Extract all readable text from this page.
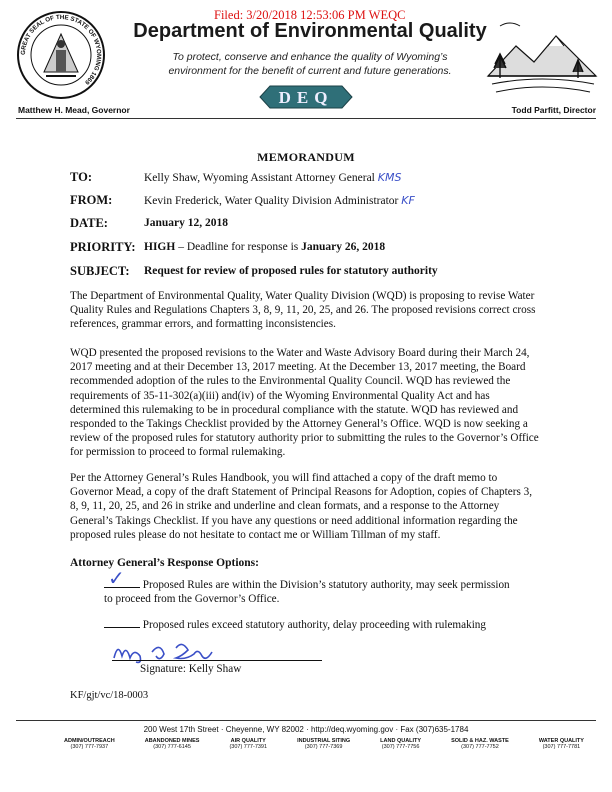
Filed: 3/20/2018 12:53:06 PM WEQC
GREAT SEAL OF THE STATE OF WYOMING 1869
Department of Environmental Quality
To protect, conserve and enhance the quality of Wyoming’s
environment for the benefit of current and future generations.
DEQ
Matthew H. Mead, Governor	Todd Parfitt, Director
MEMORANDUM
TO:	Kelly Shaw, Wyoming Assistant Attorney General KMS
FROM:	Kevin Frederick, Water Quality Division Administrator KF
DATE:	January 12, 2018
PRIORITY: HIGH – Deadline for response is January 26, 2018
SUBJECT: Request for review of proposed rules for statutory authority
The Department of Environmental Quality, Water Quality Division (WQD) is proposing to revise Water Quality Rules and Regulations Chapters 3, 8, 9, 11, 20, 25, and 26. The proposed revisions correct cross references, grammar errors, and formatting inconsistencies.
WQD presented the proposed revisions to the Water and Waste Advisory Board during their March 24, 2017 meeting and at their December 13, 2017 meeting. At the December 13, 2017 meeting, the Board recommended adoption of the rules to the Environmental Quality Council. WQD has reviewed the requirements of 35-11-302(a)(iii) and(iv) of the Wyoming Environmental Quality Act and has determined this rulemaking to be in procedural compliance with the statute. WQD has reviewed and responded to the Takings Checklist provided by the Attorney General’s Office. WQD is now seeking a review of the proposed rules for statutory authority prior to submitting the rules to the Governor’s Office for permission to proceed to formal rulemaking.
Per the Attorney General’s Rules Handbook, you will find attached a copy of the draft memo to Governor Mead, a copy of the draft Statement of Principal Reasons for Adoption, copies of Chapters 3, 8, 9, 11, 20, 25, and 26 in strike and underline and clean formats, and a response to the Attorney General’s Takings Checklist. If you have any questions or need additional information regarding the proposed rules please do not hesitate to contact me or William Tillman of my staff.
Attorney General’s Response Options:
✓	Proposed Rules are within the Division’s statutory authority, may seek permission to proceed from the Governor’s Office.
Proposed rules exceed statutory authority, delay proceeding with rulemaking
Signature: Kelly Shaw
KF/gjt/vc/18-0003
200 West 17th Street · Cheyenne, WY 82002 · http://deq.wyoming.gov · Fax (307)635-1784
ADMIN/OUTREACH
(307) 777-7937
ABANDONED MINES
(307) 777-6145
AIR QUALITY
(307) 777-7391
INDUSTRIAL SITING
(307) 777-7369
LAND QUALITY
(307) 777-7756
SOLID & HAZ. WASTE
(307) 777-7752
WATER QUALITY
(307) 777-7781
